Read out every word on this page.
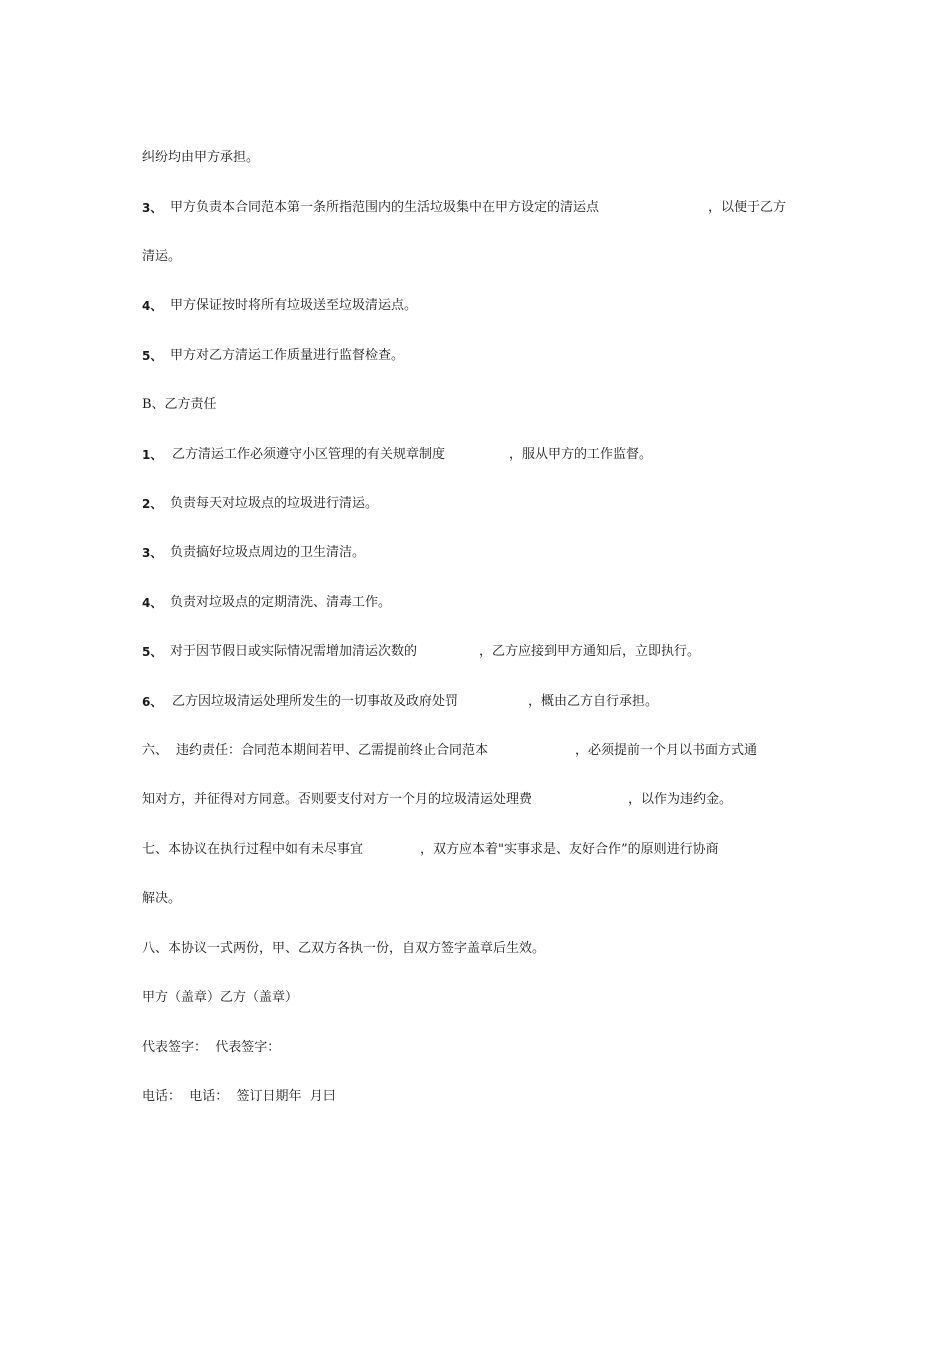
纠纷均由甲方承担。
3、 甲方负责本合同范本第一条所指范围内的生活垃圾集中在甲方设定的清运点	，以便于乙方
清运。
4、 甲方保证按时将所有垃圾送至垃圾清运点。
5、 甲方对乙方清运工作质量进行监督检查。
B、乙方责任
1、 乙方清运工作必须遵守小区管理的有关规章制度	，服从甲方的工作监督。
2、 负责每天对垃圾点的垃圾进行清运。
3、 负责搞好垃圾点周边的卫生清洁。
4、 负责对垃圾点的定期清洗、清毒工作。
5、 对于因节假日或实际情况需增加清运次数的	，乙方应接到甲方通知后，立即执行。
6、 乙方因垃圾清运处理所发生的一切事故及政府处罚	，概由乙方自行承担。
六、 违约责任：合同范本期间若甲、乙需提前终止合同范本	，必须提前一个月以书面方式通
知对方，并征得对方同意。否则要支付对方一个月的垃圾清运处理费	，以作为违约金。
七、本协议在执行过程中如有未尽事宜	，双方应本着"实事求是、友好合作”的原则进行协商
解决。
八、本协议一式两份，甲、乙双方各执一份，自双方签字盖章后生效。
甲方（盖章）乙方（盖章）
代表签字：  代表签字：
电话：  电话：  签订日期年  月曰
